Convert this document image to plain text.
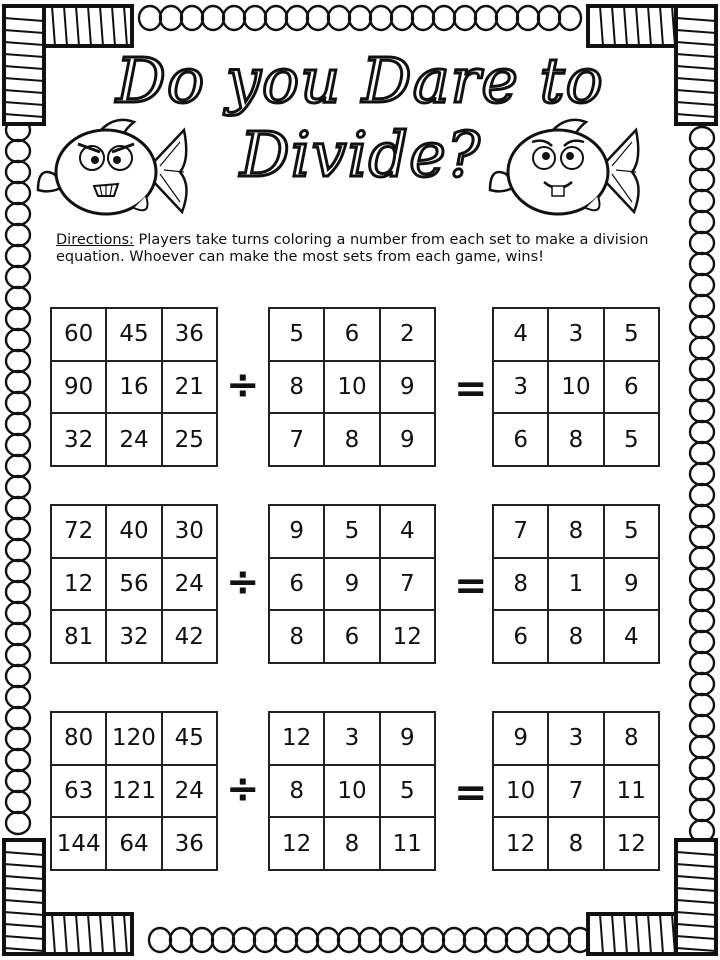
Do you Dare to
Divide?
Directions: Players take turns coloring a number from each set to make a division equation. Whoever can make the most sets from each game, wins!
60	45	36
90	16	21
32	24	25
5	6	2
8	10	9
7	8	9
4	3	5
3	10	6
6	8	5
÷	=
72	40	30
12	56	24
81	32	42
9	5	4
6	9	7
8	6	12
7	8	5
8	1	9
6	8	4
÷	=
80 120 45
63 121 24
144 64	36
12	3	9
8	10	5
12	8	11
9	3	8
10	7	11
12	8	12
÷	=
